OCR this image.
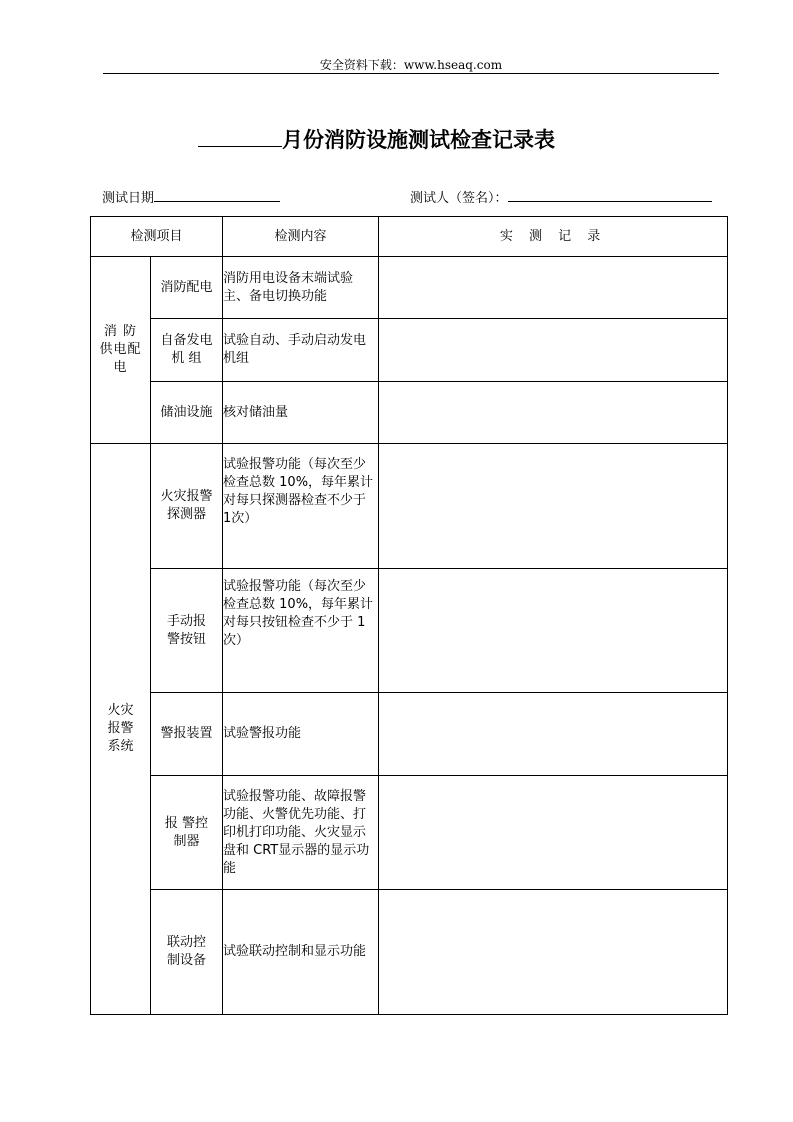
安全资料下载：www.hseaq.com
月份消防设施测试检查记录表
测试日期	测试人（签名）：
检测项目		检测内容	实 测 记 录
消 防 供电配电	消防配电	消防用电设备末端试验主、备电切换功能	
	自备发电机 组	试验自动、手动启动发电机组	
	储油设施	核对储油量	
火灾报警系统	火灾报警探测器	试验报警功能（每次至少检查总数 10%，每年累计对每只探测器检查不少于 1次）	
	手动报警按钮	试验报警功能（每次至少检查总数 10%，每年累计对每只按钮检查不少于 1次）	
	警报装置	试验警报功能	
	报 警控制器	试验报警功能、故障报警功能、火警优先功能、打印机打印功能、火灾显示盘和 CRT显示器的显示功能	
	联动控制设备	试验联动控制和显示功能	
